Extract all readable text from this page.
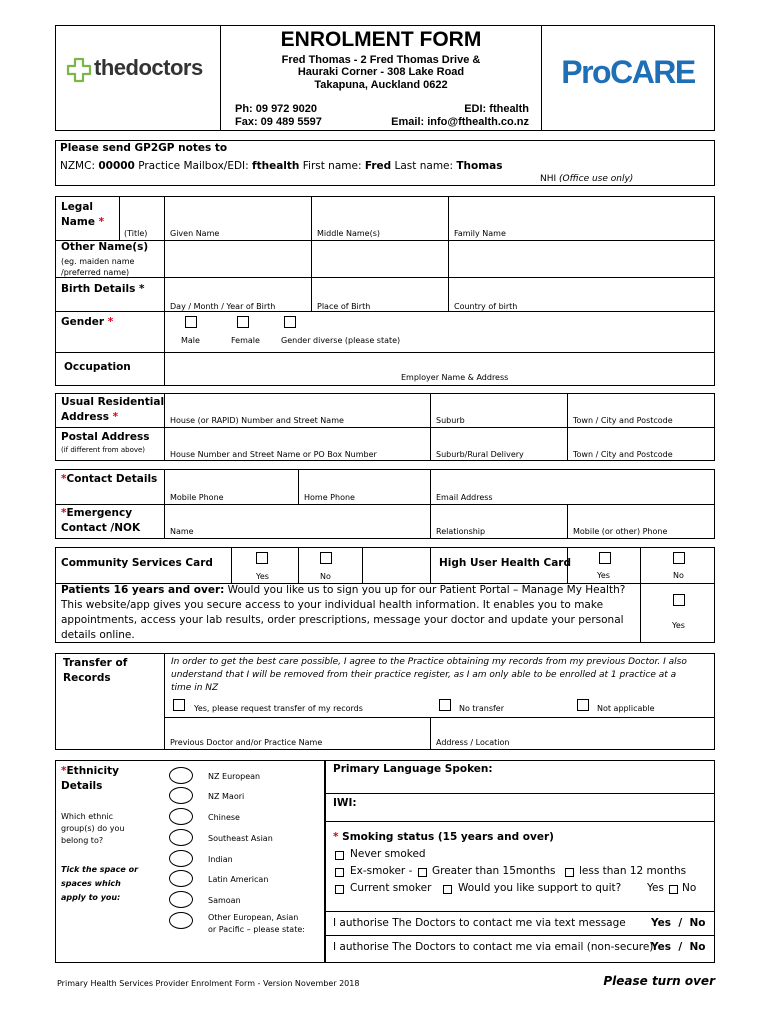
thedoctors
ENROLMENT FORM
Fred Thomas - 2 Fred Thomas Drive &
Hauraki Corner - 308 Lake Road
Takapuna, Auckland 0622
Ph: 09 972 9020
Fax: 09 489 5597
EDI: fthealth
Email: info@fthealth.co.nz
ProCARE
Please send GP2GP notes to
NZMC: 00000 Practice Mailbox/EDI: fthealth First name: Fred Last name: Thomas
NHI (Office use only)
Legal
Name *
(Title)	Given Name	Middle Name(s)	Family Name
Other Name(s)
(eg. maiden name
/preferred name)
Birth Details *
Day / Month / Year of Birth	Place of Birth	Country of birth
Gender *
Male	Female	Gender diverse (please state)
Occupation
Employer Name & Address
Usual Residential
Address *	House (or RAPID) Number and Street Name	Suburb	Town / City and Postcode
Postal Address
(if different from above)	House Number and Street Name or PO Box Number	Suburb/Rural Delivery	Town / City and Postcode
*Contact Details
Mobile Phone	Home Phone	Email Address
*Emergency
Contact /NOK	Name	Relationship	Mobile (or other) Phone
Community Services Card
Yes	No
High User Health Card
Yes	No
Patients 16 years and over: Would you like us to sign you up for our Patient Portal – Manage My Health?
This website/app gives you secure access to your individual health information. It enables you to make
appointments, access your lab results, order prescriptions, message your doctor and update your personal
details online.
Yes
Transfer of
Records
In order to get the best care possible, I agree to the Practice obtaining my records from my previous Doctor. I also
understand that I will be removed from their practice register, as I am only able to be enrolled at 1 practice at a
time in NZ
Yes, please request transfer of my records	No transfer	Not applicable
Previous Doctor and/or Practice Name	Address / Location
*Ethnicity
Details
Which ethnic
group(s) do you
belong to?
Tick the space or
spaces which
apply to you:
NZ European
NZ Maori
Chinese
Southeast Asian
Indian
Latin American
Samoan
Other European, Asian
or Pacific – please state:
Primary Language Spoken:
IWI:
* Smoking status (15 years and over)
Never smoked
Ex-smoker - Greater than 15months less than 12 months
Current smoker	Would you like support to quit? Yes No
I authorise The Doctors to contact me via text message Yes  /  No
I authorise The Doctors to contact me via email (non-secure)
Yes  /  No
Primary Health Services Provider Enrolment Form - Version November 2018	Please turn over
